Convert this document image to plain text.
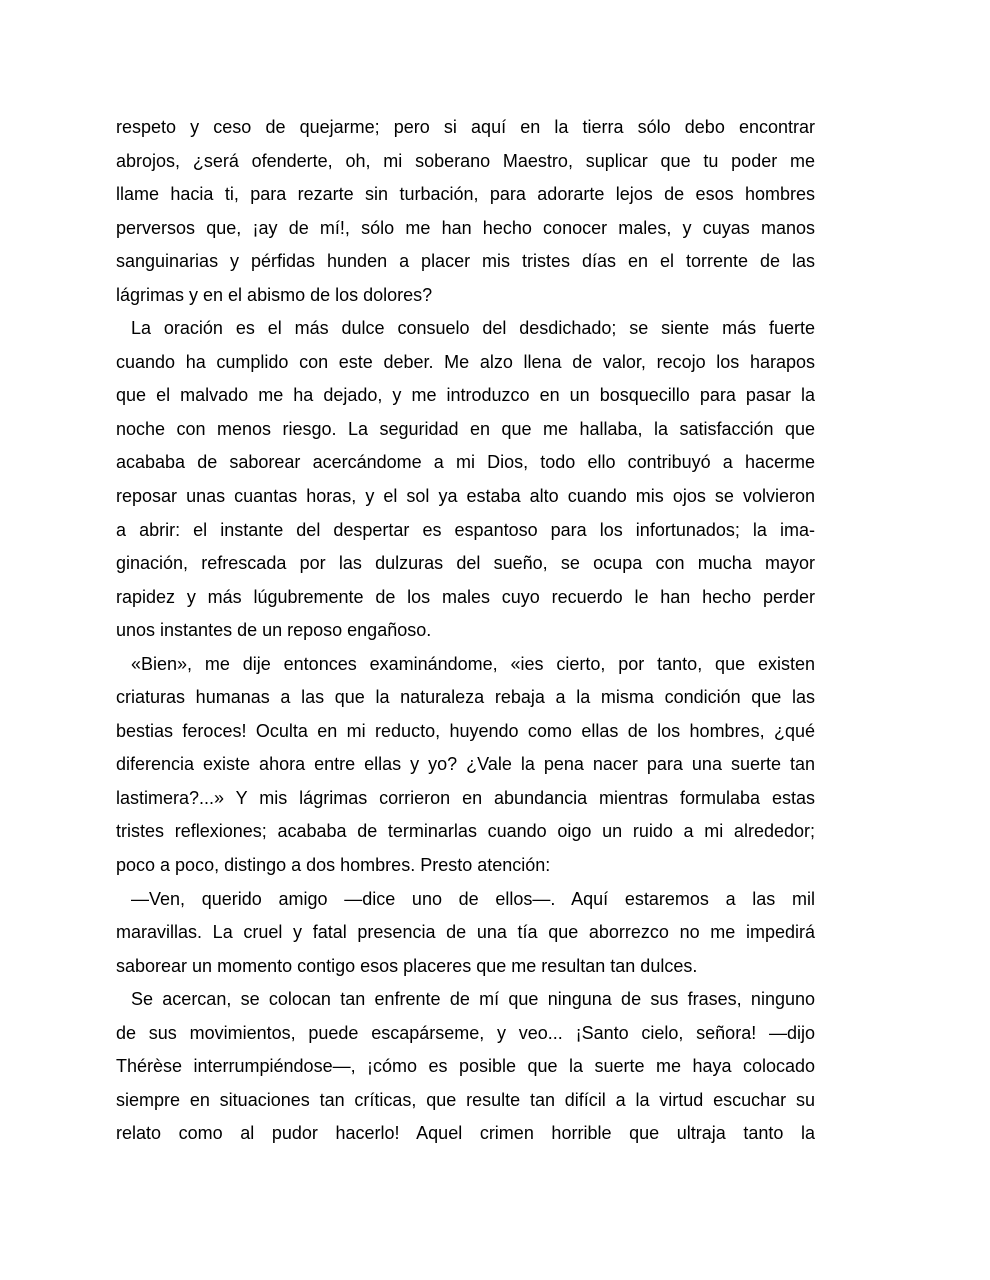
respeto y ceso de quejarme; pero si aquí en la tierra sólo debo encontrar
abrojos, ¿será ofenderte, oh, mi soberano Maestro, suplicar que tu poder me
llame hacia ti, para rezarte sin turbación, para adorarte lejos de esos hombres
perversos que, ¡ay de mí!, sólo me han hecho conocer males, y cuyas manos
sanguinarias y pérfidas hunden a placer mis tristes días en el torrente de las
lágrimas y en el abismo de los dolores?
La oración es el más dulce consuelo del desdichado; se siente más fuerte
cuando ha cumplido con este deber. Me alzo llena de valor, recojo los harapos
que el malvado me ha dejado, y me introduzco en un bosquecillo para pasar la
noche con menos riesgo. La seguridad en que me hallaba, la satisfacción que
acababa de saborear acercándome a mi Dios, todo ello contribuyó a hacerme
reposar unas cuantas horas, y el sol ya estaba alto cuando mis ojos se volvieron
a abrir: el instante del despertar es espantoso para los infortunados; la ima-
ginación, refrescada por las dulzuras del sueño, se ocupa con mucha mayor
rapidez y más lúgubremente de los males cuyo recuerdo le han hecho perder
unos instantes de un reposo engañoso.
«Bien», me dije entonces examinándome, «ies cierto, por tanto, que existen
criaturas humanas a las que la naturaleza rebaja a la misma condición que las
bestias feroces! Oculta en mi reducto, huyendo como ellas de los hombres, ¿qué
diferencia existe ahora entre ellas y yo? ¿Vale la pena nacer para una suerte tan
lastimera?...» Y mis lágrimas corrieron en abundancia mientras formulaba estas
tristes reflexiones; acababa de terminarlas cuando oigo un ruido a mi alrededor;
poco a poco, distingo a dos hombres. Presto atención:
—Ven, querido amigo —dice uno de ellos—. Aquí estaremos a las mil
maravillas. La cruel y fatal presencia de una tía que aborrezco no me impedirá
saborear un momento contigo esos placeres que me resultan tan dulces.
Se acercan, se colocan tan enfrente de mí que ninguna de sus frases, ninguno
de sus movimientos, puede escapárseme, y veo... ¡Santo cielo, señora! —dijo
Thérèse interrumpiéndose—, ¡cómo es posible que la suerte me haya colocado
siempre en situaciones tan críticas, que resulte tan difícil a la virtud escuchar su
relato como al pudor hacerlo! Aquel crimen horrible que ultraja tanto la
